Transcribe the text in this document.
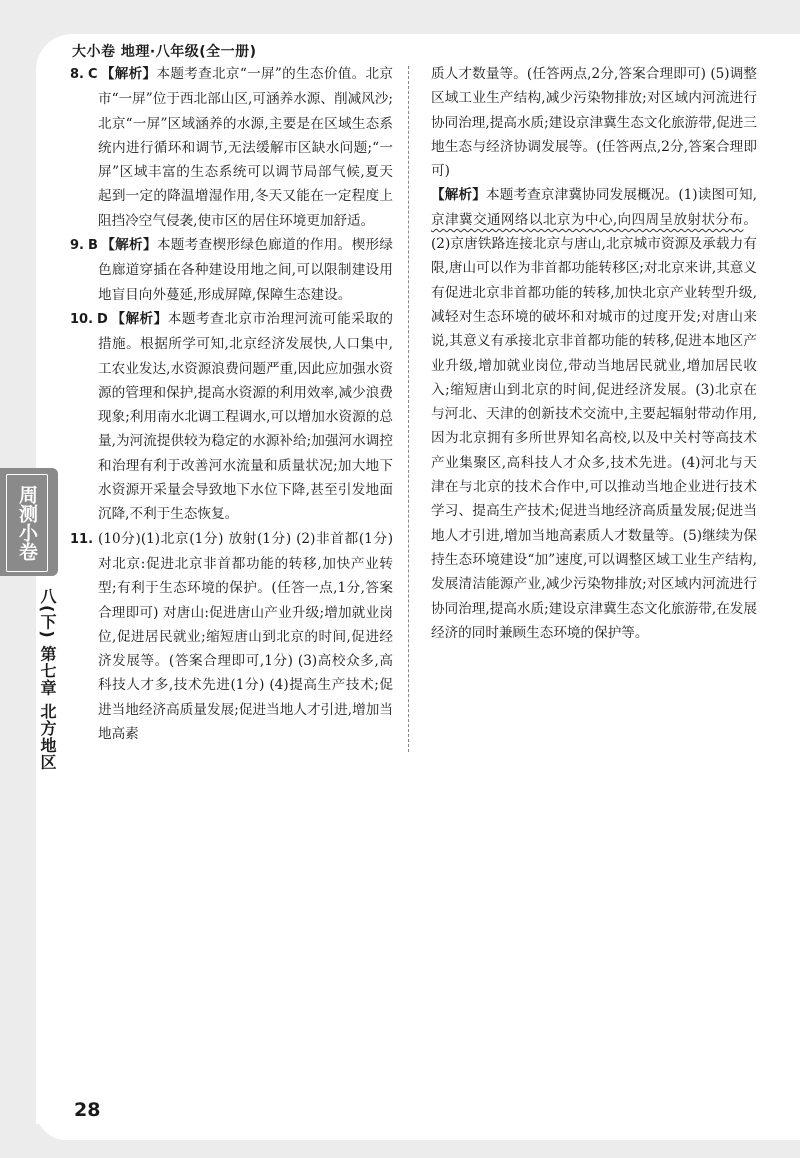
大小卷 地理·八年级(全一册)
周测小卷
八(下) 第七章 北方地区

8. C 【解析】本题考查北京“一屏”的生态价值。北京市“一屏”位于西北部山区,可涵养水源、削减风沙;北京“一屏”区域涵养的水源,主要是在区域生态系统内进行循环和调节,无法缓解市区缺水问题;“一屏”区域丰富的生态系统可以调节局部气候,夏天起到一定的降温增湿作用,冬天又能在一定程度上阻挡冷空气侵袭,使市区的居住环境更加舒适。

9. B 【解析】本题考查楔形绿色廊道的作用。楔形绿色廊道穿插在各种建设用地之间,可以限制建设用地盲目向外蔓延,形成屏障,保障生态建设。

10. D 【解析】本题考查北京市治理河流可能采取的措施。根据所学可知,北京经济发展快,人口集中,工农业发达,水资源浪费问题严重,因此应加强水资源的管理和保护,提高水资源的利用效率,减少浪费现象;利用南水北调工程调水,可以增加水资源的总量,为河流提供较为稳定的水源补给;加强河水调控和治理有利于改善河水流量和质量状况;加大地下水资源开采量会导致地下水位下降,甚至引发地面沉降,不利于生态恢复。

11. (10分)(1)北京(1分) 放射(1分) (2)非首都(1分) 对北京:促进北京非首都功能的转移,加快产业转型;有利于生态环境的保护。(任答一点,1分,答案合理即可) 对唐山:促进唐山产业升级;增加就业岗位,促进居民就业;缩短唐山到北京的时间,促进经济发展等。(答案合理即可,1分) (3)高校众多,高科技人才多,技术先进(1分) (4)提高生产技术;促进当地经济高质量发展;促进当地人才引进,增加当地高素

质人才数量等。(任答两点,2分,答案合理即可) (5)调整区域工业生产结构,减少污染物排放;对区域内河流进行协同治理,提高水质;建设京津冀生态文化旅游带,促进三地生态与经济协调发展等。(任答两点,2分,答案合理即可)

【解析】本题考查京津冀协同发展概况。(1)读图可知,京津冀交通网络以北京为中心,向四周呈放射状分布。(2)京唐铁路连接北京与唐山,北京城市资源及承载力有限,唐山可以作为非首都功能转移区;对北京来讲,其意义有促进北京非首都功能的转移,加快北京产业转型升级,减轻对生态环境的破坏和对城市的过度开发;对唐山来说,其意义有承接北京非首都功能的转移,促进本地区产业升级,增加就业岗位,带动当地居民就业,增加居民收入;缩短唐山到北京的时间,促进经济发展。(3)北京在与河北、天津的创新技术交流中,主要起辐射带动作用,因为北京拥有多所世界知名高校,以及中关村等高技术产业集聚区,高科技人才众多,技术先进。(4)河北与天津在与北京的技术合作中,可以推动当地企业进行技术学习、提高生产技术;促进当地经济高质量发展;促进当地人才引进,增加当地高素质人才数量等。(5)继续为保持生态环境建设“加”速度,可以调整区域工业生产结构,发展清洁能源产业,减少污染物排放;对区域内河流进行协同治理,提高水质;建设京津冀生态文化旅游带,在发展经济的同时兼顾生态环境的保护等。

28
